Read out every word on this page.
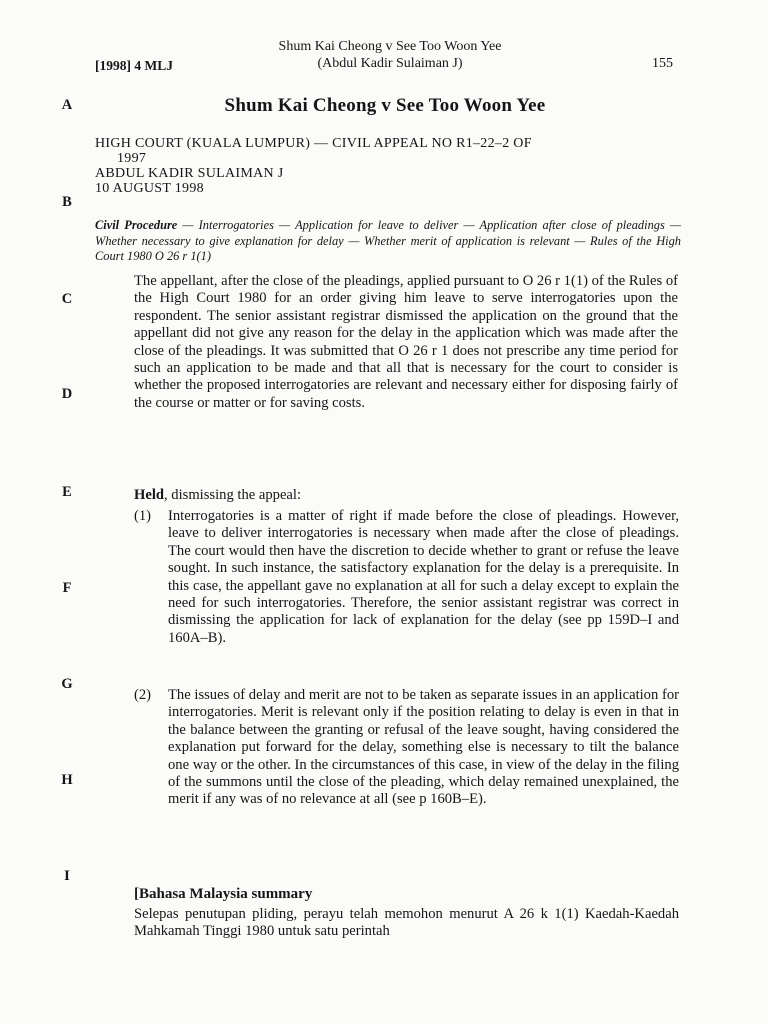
[1998] 4 MLJ
Shum Kai Cheong v See Too Woon Yee
(Abdul Kadir Sulaiman J)	155
A
B
C
D
E
F
G
H
I
Shum Kai Cheong v See Too Woon Yee
HIGH COURT (KUALA LUMPUR) — CIVIL APPEAL NO R1–22–2 OF
1997
ABDUL KADIR SULAIMAN J
10 AUGUST 1998
Civil Procedure — Interrogatories — Application for leave to deliver — Application after close of pleadings — Whether necessary to give explanation for delay — Whether merit of application is relevant — Rules of the High Court 1980 O 26 r 1(1)
The appellant, after the close of the pleadings, applied pursuant to O 26 r 1(1) of the Rules of the High Court 1980 for an order giving him leave to serve interrogatories upon the respondent. The senior assistant registrar dismissed the application on the ground that the appellant did not give any reason for the delay in the application which was made after the close of the pleadings. It was submitted that O 26 r 1 does not prescribe any time period for such an application to be made and that all that is necessary for the court to consider is whether the proposed interrogatories are relevant and necessary either for disposing fairly of the course or matter or for saving costs.
Held, dismissing the appeal:
(1)	Interrogatories is a matter of right if made before the close of pleadings. However, leave to deliver interrogatories is necessary when made after the close of pleadings. The court would then have the discretion to decide whether to grant or refuse the leave sought. In such instance, the satisfactory explanation for the delay is a prerequisite. In this case, the appellant gave no explanation at all for such a delay except to explain the need for such interrogatories. Therefore, the senior assistant registrar was correct in dismissing the application for lack of explanation for the delay (see pp 159D–I and 160A–B).
(2)	The issues of delay and merit are not to be taken as separate issues in an application for interrogatories. Merit is relevant only if the position relating to delay is even in that in the balance between the granting or refusal of the leave sought, having considered the explanation put forward for the delay, something else is necessary to tilt the balance one way or the other. In the circumstances of this case, in view of the delay in the filing of the summons until the close of the pleading, which delay remained unexplained, the merit if any was of no relevance at all (see p 160B–E).
[Bahasa Malaysia summary
Selepas penutupan pliding, perayu telah memohon menurut A 26 k 1(1) Kaedah-Kaedah Mahkamah Tinggi 1980 untuk satu perintah
